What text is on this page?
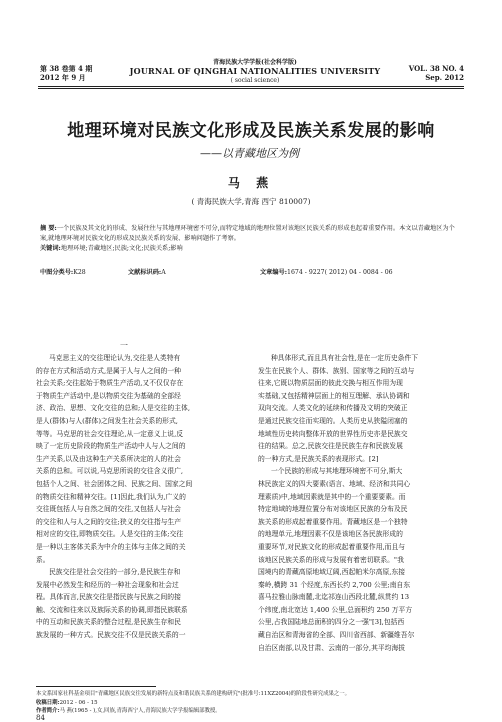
第 38 卷第 4 期
2012 年 9 月
青海民族大学学报(社会科学版)
JOURNAL OF QINGHAI NATIONALITIES UNIVERSITY
( social science)
VOL. 38 NO. 4
Sep. 2012
地理环境对民族文化形成及民族关系发展的影响
——以青藏地区为例
马 燕
( 青海民族大学,青海 西宁 810007)
摘 要:一个民族及其文化的形成、发展往往与其地理环境密不可分,而特定地域的地理位置对该地区民族关系的形成也起着重要作用。本文以青藏地区为个案,就地理环境对民族文化的形成及民族关系的发展、影响问题作了考察。
关键词:地理环境;青藏地区;民族;文化;民族关系;影响
中图分类号:K28	文献标识码:A	文章编号:1674 - 9227( 2012) 04 - 0084 - 06
一
马克思主义的交往理论认为,交往是人类特有
的存在方式和活动方式,是属于人与人之间的一种
社会关系;交往起始于物质生产活动,又不仅仅存在
于物质生产活动中,是以物质交往为基础的全部经
济、政治、思想、文化交往的总和;人是交往的主体,
是人(群体)与人(群体)之间发生社会关系的形式,
等等。马克思的社会交往理论,从一定意义上说,反
映了一定历史阶段的物质生产活动中人与人之间的
生产关系,以及由这种生产关系所决定的人的社会
关系的总和。可以说,马克思所说的交往含义很广,
包括个人之间、社会团体之间、民族之间、国家之间
的物质交往和精神交往。[1]因此,我们认为,广义的
交往既包括人与自然之间的交往,又包括人与社会
的交往和人与人之间的交往;狭义的交往指与生产
相对应的交往,即物质交往。人是交往的主体;交往
是一种以主客体关系为中介的主体与主体之间的关
系。
民族交往是社会交往的一部分,是民族生存和
发展中必然发生和经历的一种社会现象和社会过
程。具体而言,民族交往是指民族与民族之间的接
触、交流和往来以及族际关系的协调,即指民族联系
中的互动和民族关系的整合过程,是民族生存和民
族发展的一种方式。民族交往不仅是民族关系的一
种具体形式,而且具有社会性,是在一定历史条件下
发生在民族个人、群体、族别、国家等之间的互动与
往来,它既以物质层面的彼此交换与相互作用为现
实基础,又包括精神层面上的相互理解、承认协调和
双向交流。人类文化的延续和传播及文明的突破正
是通过民族交往而实现的。人类历史从狭隘闭塞的
地域性历史转向整体开放的世界性历史亦是民族交
往的结果。总之,民族交往是民族生存和民族发展
的一种方式,是民族关系的表现形式。[2]
一个民族的形成与其地理环境密不可分,斯大
林民族定义的四大要素(语言、地域、经济和共同心
理素质)中,地域因素就是其中的一个重要要素。而
特定地域的地理位置分布对该地区民族的分布及民
族关系的形成起着重要作用。青藏地区是一个独特
的地理单元,地理因素不仅是该地区各民族形成的
重要环节,对民族文化的形成起着重要作用,而且与
该地区民族关系的形成与发展有着密切联系。"我
国境内的青藏高原地域辽阔,西起帕米尔高原,东接
秦岭,横跨 31 个经度,东西长约 2,700 公里;南自东
喜马拉雅山脉南麓,北迄祁连山西段北麓,纵贯约 13
个纬度,南北宽达 1,400 公里,总面积约 250 万平方
公里,占我国陆地总面积的四分之一强"[3],包括西
藏自治区和青海省的全部、四川省西部、新疆维吾尔
自治区南部,以及甘肃、云南的一部分,其平均海拔
本文系国家社科基金项目"青藏地区民族交往发展的新特点及和谐民族关系的建构研究"(批准号:11XZ2004)的阶段性研究成果之一。
收稿日期:2012 - 06 - 15
作者简介:马 燕(1965 - ),女,回族,青海西宁人,青海民族大学学报编辑部教授。
84
